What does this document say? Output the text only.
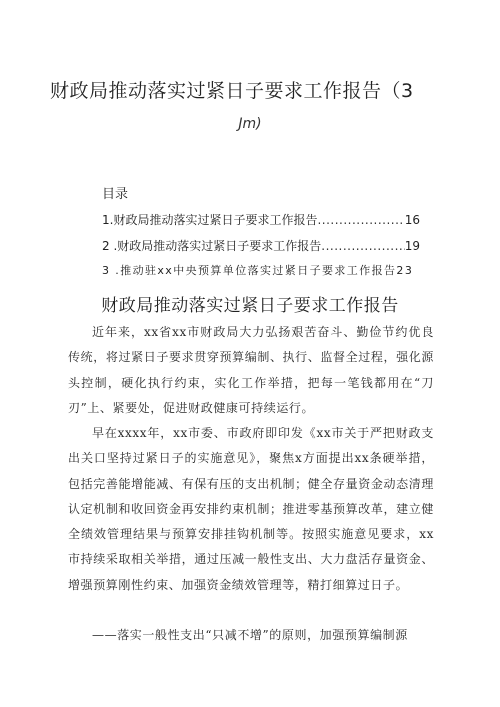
财政局推动落实过紧日子要求工作报告（3
Jm)
目录
1.财政局推动落实过紧日子要求工作报告 .....	16
2 .财政局推动落实过紧日子要求工作报告 .....	19
3 .推动驻xx中央预算单位落实过紧日子要求工作报告 23
财政局推动落实过紧日子要求工作报告

近年来，xx省xx市财政局大力弘扬艰苦奋斗、勤俭节约优良传统，将过紧日子要求贯穿预算编制、执行、监督全过程，强化源头控制，硬化执行约束，实化工作举措，把每一笔钱都用在“刀刃”上、紧要处，促进财政健康可持续运行。

早在xxxx年，xx市委、市政府即印发《xx市关于严把财政支出关口坚持过紧日子的实施意见》，聚焦x方面提出xx条硬举措，包括完善能增能减、有保有压的支出机制；健全存量资金动态清理认定机制和收回资金再安排约束机制；推进零基预算改革，建立健全绩效管理结果与预算安排挂钩机制等。按照实施意见要求，xx市持续采取相关举措，通过压减一般性支出、大力盘活存量资金、增强预算刚性约束、加强资金绩效管理等，精打细算过日子。

——落实一般性支出“只减不增”的原则，加强预算编制源
